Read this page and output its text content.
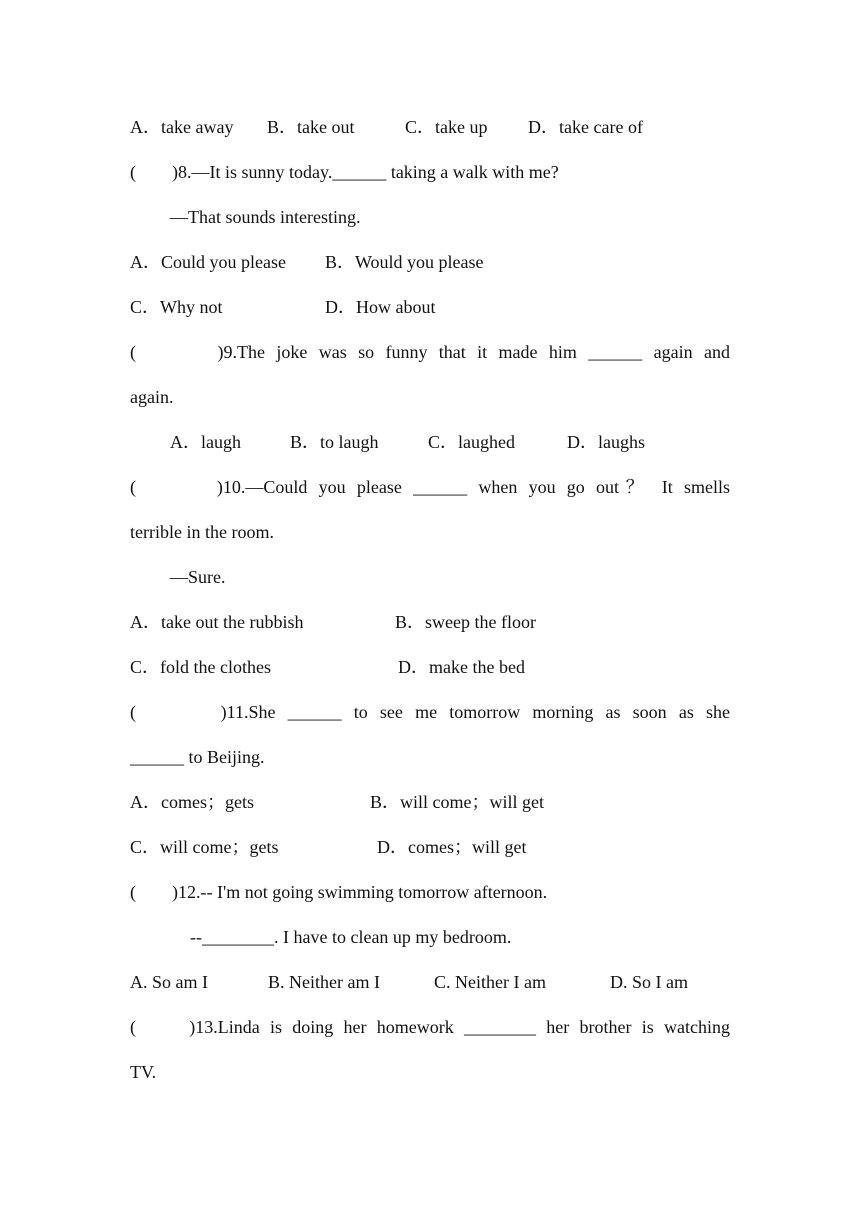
A．take away

B．take out

	C．take up

D．take care of

(　　)8.—It is sunny today.______ taking a walk with me?
—That sounds interesting.

A．Could you please

B．Would you please

C．Why not

	D．How about

(　　　)9.The joke was so funny that it made him ______ again and
again.

A．laugh

	B．to laugh

	C．laughed

	D．laughs

(　　　)10.—Could you please ______ when you go out？ It smells
terrible in the room.
—Sure.

A．take out the rubbish

	B．sweep the floor

C．fold the clothes

	D．make the bed

(　　　)11.She ______ to see me tomorrow morning as soon as she
______ to Beijing.

A．comes；gets

	B．will come；will get

C．will come；gets

	D．comes；will get

(　　)12.-- I'm not going swimming tomorrow afternoon.
--________. I have to clean up my bedroom.

A. So am I

	B. Neither am I

	C. Neither I am

	D. So I am

(　　)13.Linda is doing her homework ________ her brother is watching
TV.
